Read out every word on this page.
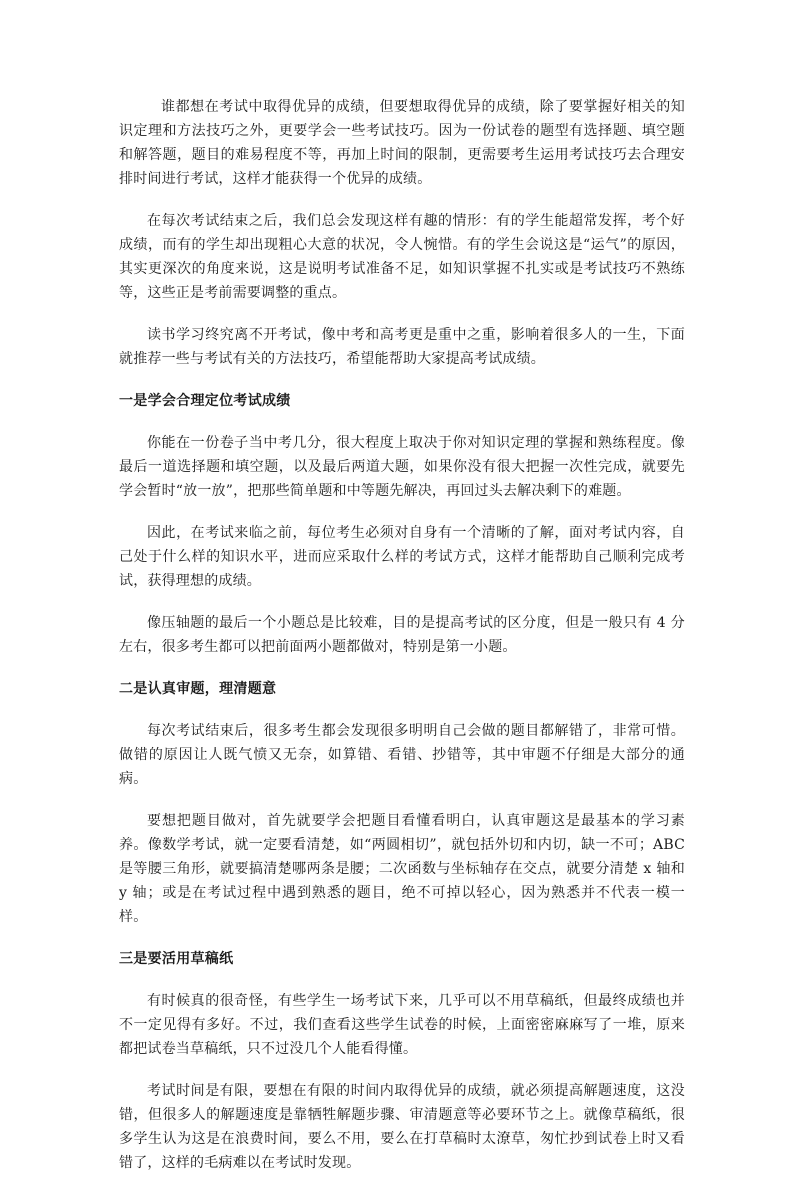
谁都想在考试中取得优异的成绩，但要想取得优异的成绩，除了要掌握好相关的知识定理和方法技巧之外，更要学会一些考试技巧。因为一份试卷的题型有选择题、填空题和解答题，题目的难易程度不等，再加上时间的限制，更需要考生运用考试技巧去合理安排时间进行考试，这样才能获得一个优异的成绩。

在每次考试结束之后，我们总会发现这样有趣的情形：有的学生能超常发挥，考个好成绩，而有的学生却出现粗心大意的状况，令人惋惜。有的学生会说这是“运气”的原因，其实更深次的角度来说，这是说明考试准备不足，如知识掌握不扎实或是考试技巧不熟练等，这些正是考前需要调整的重点。

读书学习终究离不开考试，像中考和高考更是重中之重，影响着很多人的一生，下面就推荐一些与考试有关的方法技巧，希望能帮助大家提高考试成绩。

一是学会合理定位考试成绩

你能在一份卷子当中考几分，很大程度上取决于你对知识定理的掌握和熟练程度。像最后一道选择题和填空题，以及最后两道大题，如果你没有很大把握一次性完成，就要先学会暂时“放一放”，把那些简单题和中等题先解决，再回过头去解决剩下的难题。

因此，在考试来临之前，每位考生必须对自身有一个清晰的了解，面对考试内容，自己处于什么样的知识水平，进而应采取什么样的考试方式，这样才能帮助自己顺利完成考试，获得理想的成绩。

像压轴题的最后一个小题总是比较难，目的是提高考试的区分度，但是一般只有 4 分左右，很多考生都可以把前面两小题都做对，特别是第一小题。

二是认真审题，理清题意

每次考试结束后，很多考生都会发现很多明明自己会做的题目都解错了，非常可惜。做错的原因让人既气愤又无奈，如算错、看错、抄错等，其中审题不仔细是大部分的通病。

要想把题目做对，首先就要学会把题目看懂看明白，认真审题这是最基本的学习素养。像数学考试，就一定要看清楚，如“两圆相切”，就包括外切和内切，缺一不可；ABC 是等腰三角形，就要搞清楚哪两条是腰；二次函数与坐标轴存在交点，就要分清楚 x 轴和 y 轴；或是在考试过程中遇到熟悉的题目，绝不可掉以轻心，因为熟悉并不代表一模一样。

三是要活用草稿纸

有时候真的很奇怪，有些学生一场考试下来，几乎可以不用草稿纸，但最终成绩也并不一定见得有多好。不过，我们查看这些学生试卷的时候，上面密密麻麻写了一堆，原来都把试卷当草稿纸，只不过没几个人能看得懂。

考试时间是有限，要想在有限的时间内取得优异的成绩，就必须提高解题速度，这没错，但很多人的解题速度是靠牺牲解题步骤、审清题意等必要环节之上。就像草稿纸，很多学生认为这是在浪费时间，要么不用，要么在打草稿时太潦草，匆忙抄到试卷上时又看错了，这样的毛病难以在考试时发现。
